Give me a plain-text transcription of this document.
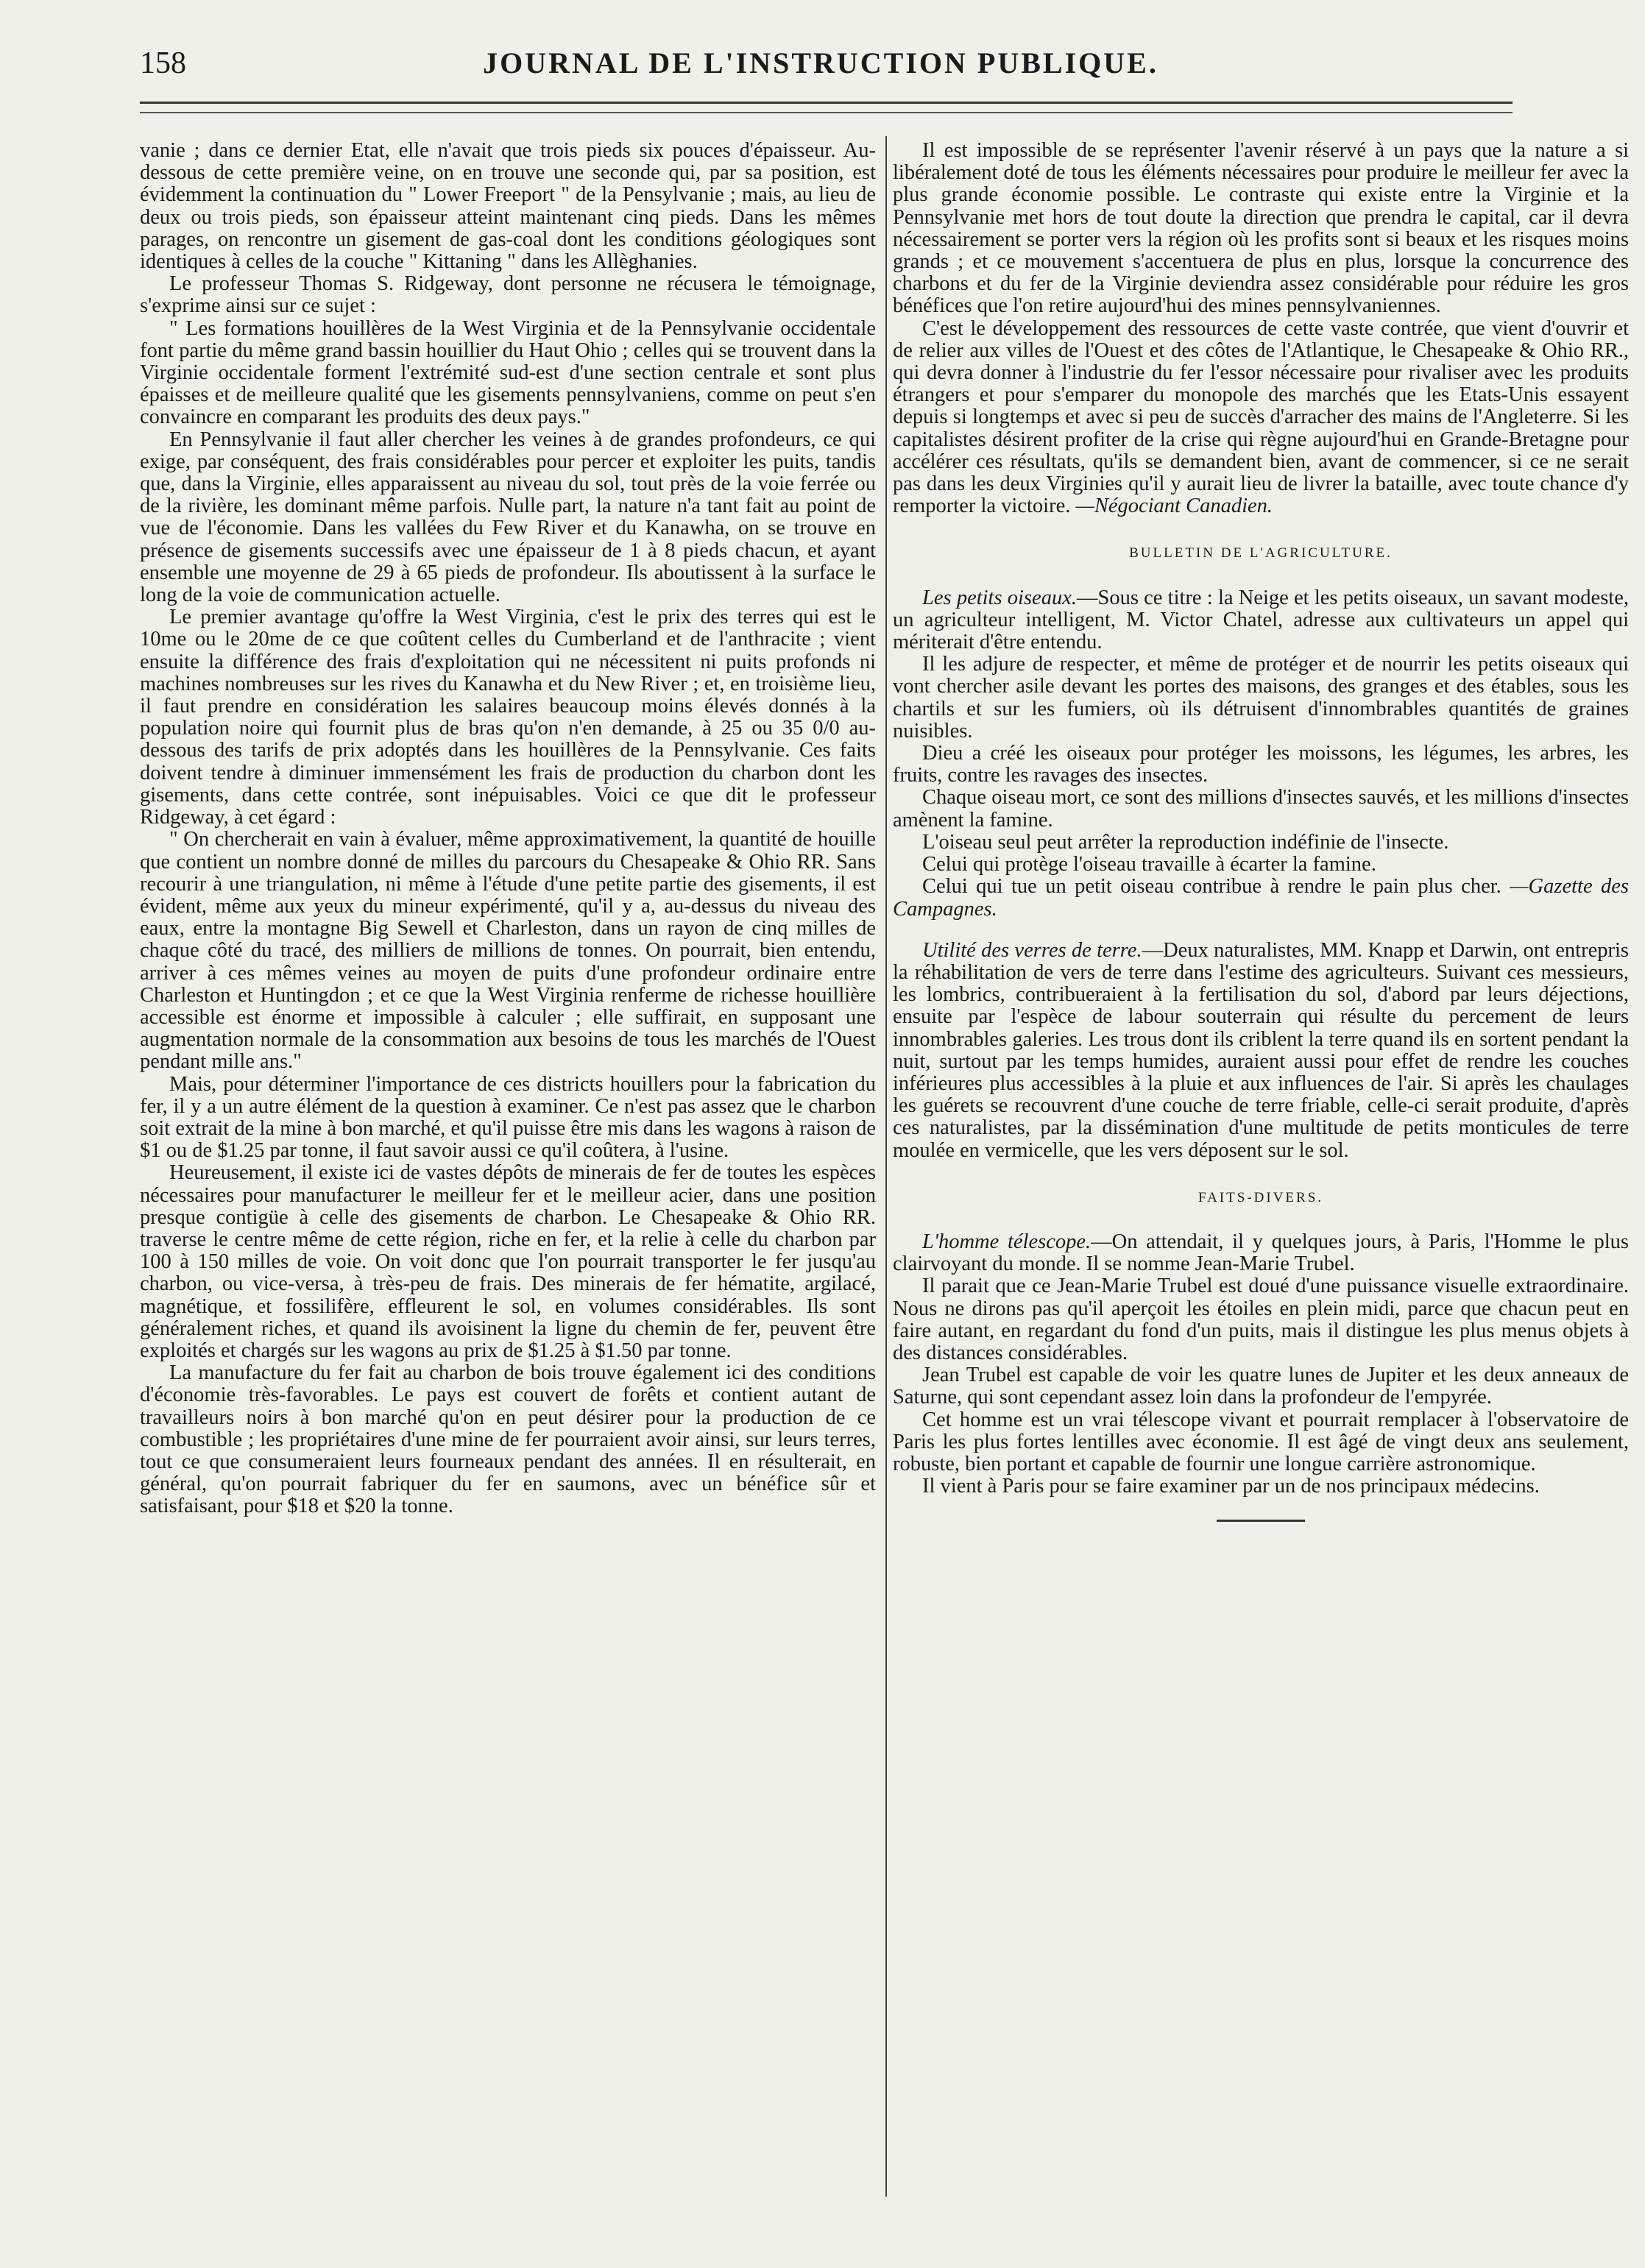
158	JOURNAL DE L'INSTRUCTION PUBLIQUE.

vanie ; dans ce dernier Etat, elle n'avait que trois pieds six pouces d'épaisseur. Au-dessous de cette première veine, on en trouve une seconde qui, par sa position, est évidemment la continuation du " Lower Freeport " de la Pensylvanie ; mais, au lieu de deux ou trois pieds, son épaisseur atteint maintenant cinq pieds. Dans les mêmes parages, on rencontre un gisement de gas-coal dont les conditions géologiques sont identiques à celles de la couche " Kittaning " dans les Allèghanies.

Le professeur Thomas S. Ridgeway, dont personne ne récusera le témoignage, s'exprime ainsi sur ce sujet :

" Les formations houillères de la West Virginia et de la Pennsylvanie occidentale font partie du même grand bassin houillier du Haut Ohio ; celles qui se trouvent dans la Virginie occidentale forment l'extrémité sud-est d'une section centrale et sont plus épaisses et de meilleure qualité que les gisements pennsylvaniens, comme on peut s'en convaincre en comparant les produits des deux pays."

En Pennsylvanie il faut aller chercher les veines à de grandes profondeurs, ce qui exige, par conséquent, des frais considérables pour percer et exploiter les puits, tandis que, dans la Virginie, elles apparaissent au niveau du sol, tout près de la voie ferrée ou de la rivière, les dominant même parfois. Nulle part, la nature n'a tant fait au point de vue de l'économie. Dans les vallées du Few River et du Kanawha, on se trouve en présence de gisements successifs avec une épaisseur de 1 à 8 pieds chacun, et ayant ensemble une moyenne de 29 à 65 pieds de profondeur. Ils aboutissent à la surface le long de la voie de communication actuelle.

Le premier avantage qu'offre la West Virginia, c'est le prix des terres qui est le 10me ou le 20me de ce que coûtent celles du Cumberland et de l'anthracite ; vient ensuite la différence des frais d'exploitation qui ne nécessitent ni puits profonds ni machines nombreuses sur les rives du Kanawha et du New River ; et, en troisième lieu, il faut prendre en considération les salaires beaucoup moins élevés donnés à la population noire qui fournit plus de bras qu'on n'en demande, à 25 ou 35 0/0 au-dessous des tarifs de prix adoptés dans les houillères de la Pennsylvanie. Ces faits doivent tendre à diminuer immensément les frais de production du charbon dont les gisements, dans cette contrée, sont inépuisables. Voici ce que dit le professeur Ridgeway, à cet égard :

" On chercherait en vain à évaluer, même approximativement, la quantité de houille que contient un nombre donné de milles du parcours du Chesapeake & Ohio RR. Sans recourir à une triangulation, ni même à l'étude d'une petite partie des gisements, il est évident, même aux yeux du mineur expérimenté, qu'il y a, au-dessus du niveau des eaux, entre la montagne Big Sewell et Charleston, dans un rayon de cinq milles de chaque côté du tracé, des milliers de millions de tonnes. On pourrait, bien entendu, arriver à ces mêmes veines au moyen de puits d'une profondeur ordinaire entre Charleston et Huntingdon ; et ce que la West Virginia renferme de richesse houillière accessible est énorme et impossible à calculer ; elle suffirait, en supposant une augmentation normale de la consommation aux besoins de tous les marchés de l'Ouest pendant mille ans."

Mais, pour déterminer l'importance de ces districts houillers pour la fabrication du fer, il y a un autre élément de la question à examiner. Ce n'est pas assez que le charbon soit extrait de la mine à bon marché, et qu'il puisse être mis dans les wagons à raison de $1 ou de $1.25 par tonne, il faut savoir aussi ce qu'il coûtera, à l'usine.

Heureusement, il existe ici de vastes dépôts de minerais de fer de toutes les espèces nécessaires pour manufacturer le meilleur fer et le meilleur acier, dans une position presque contigüe à celle des gisements de charbon. Le Chesapeake & Ohio RR. traverse le centre même de cette région, riche en fer, et la relie à celle du charbon par 100 à 150 milles de voie. On voit donc que l'on pourrait transporter le fer jusqu'au charbon, ou vice-versa, à très-peu de frais. Des minerais de fer hématite, argilacé, magnétique, et fossilifère, effleurent le sol, en volumes considérables. Ils sont généralement riches, et quand ils avoisinent la ligne du chemin de fer, peuvent être exploités et chargés sur les wagons au prix de $1.25 à $1.50 par tonne.

La manufacture du fer fait au charbon de bois trouve également ici des conditions d'économie très-favorables. Le pays est couvert de forêts et contient autant de travailleurs noirs à bon marché qu'on en peut désirer pour la production de ce combustible ; les propriétaires d'une mine de fer pourraient avoir ainsi, sur leurs terres, tout ce que consumeraient leurs fourneaux pendant des années. Il en résulterait, en général, qu'on pourrait fabriquer du fer en saumons, avec un bénéfice sûr et satisfaisant, pour $18 et $20 la tonne.

Il est impossible de se représenter l'avenir réservé à un pays que la nature a si libéralement doté de tous les éléments nécessaires pour produire le meilleur fer avec la plus grande économie possible. Le contraste qui existe entre la Virginie et la Pennsylvanie met hors de tout doute la direction que prendra le capital, car il devra nécessairement se porter vers la région où les profits sont si beaux et les risques moins grands ; et ce mouvement s'accentuera de plus en plus, lorsque la concurrence des charbons et du fer de la Virginie deviendra assez considérable pour réduire les gros bénéfices que l'on retire aujourd'hui des mines pennsylvaniennes.

C'est le développement des ressources de cette vaste contrée, que vient d'ouvrir et de relier aux villes de l'Ouest et des côtes de l'Atlantique, le Chesapeake & Ohio RR., qui devra donner à l'industrie du fer l'essor nécessaire pour rivaliser avec les produits étrangers et pour s'emparer du monopole des marchés que les Etats-Unis essayent depuis si longtemps et avec si peu de succès d'arracher des mains de l'Angleterre. Si les capitalistes désirent profiter de la crise qui règne aujourd'hui en Grande-Bretagne pour accélérer ces résultats, qu'ils se demandent bien, avant de commencer, si ce ne serait pas dans les deux Virginies qu'il y aurait lieu de livrer la bataille, avec toute chance d'y remporter la victoire. —Négociant Canadien.

BULLETIN DE L'AGRICULTURE.

Les petits oiseaux.—Sous ce titre : la Neige et les petits oiseaux, un savant modeste, un agriculteur intelligent, M. Victor Chatel, adresse aux cultivateurs un appel qui mériterait d'être entendu.

Il les adjure de respecter, et même de protéger et de nourrir les petits oiseaux qui vont chercher asile devant les portes des maisons, des granges et des étables, sous les chartils et sur les fumiers, où ils détruisent d'innombrables quantités de graines nuisibles.

Dieu a créé les oiseaux pour protéger les moissons, les légumes, les arbres, les fruits, contre les ravages des insectes.

Chaque oiseau mort, ce sont des millions d'insectes sauvés, et les millions d'insectes amènent la famine.

L'oiseau seul peut arrêter la reproduction indéfinie de l'insecte.

Celui qui protège l'oiseau travaille à écarter la famine.

Celui qui tue un petit oiseau contribue à rendre le pain plus cher. —Gazette des Campagnes.

Utilité des verres de terre.—Deux naturalistes, MM. Knapp et Darwin, ont entrepris la réhabilitation de vers de terre dans l'estime des agriculteurs. Suivant ces messieurs, les lombrics, contribueraient à la fertilisation du sol, d'abord par leurs déjections, ensuite par l'espèce de labour souterrain qui résulte du percement de leurs innombrables galeries. Les trous dont ils criblent la terre quand ils en sortent pendant la nuit, surtout par les temps humides, auraient aussi pour effet de rendre les couches inférieures plus accessibles à la pluie et aux influences de l'air. Si après les chaulages les guérets se recouvrent d'une couche de terre friable, celle-ci serait produite, d'après ces naturalistes, par la dissémination d'une multitude de petits monticules de terre moulée en vermicelle, que les vers déposent sur le sol.

FAITS-DIVERS.

L'homme télescope.—On attendait, il y quelques jours, à Paris, l'Homme le plus clairvoyant du monde. Il se nomme Jean-Marie Trubel.

Il parait que ce Jean-Marie Trubel est doué d'une puissance visuelle extraordinaire. Nous ne dirons pas qu'il aperçoit les étoiles en plein midi, parce que chacun peut en faire autant, en regardant du fond d'un puits, mais il distingue les plus menus objets à des distances considérables.

Jean Trubel est capable de voir les quatre lunes de Jupiter et les deux anneaux de Saturne, qui sont cependant assez loin dans la profondeur de l'empyrée.

Cet homme est un vrai télescope vivant et pourrait remplacer à l'observatoire de Paris les plus fortes lentilles avec économie. Il est âgé de vingt deux ans seulement, robuste, bien portant et capable de fournir une longue carrière astronomique.

Il vient à Paris pour se faire examiner par un de nos principaux médecins.
